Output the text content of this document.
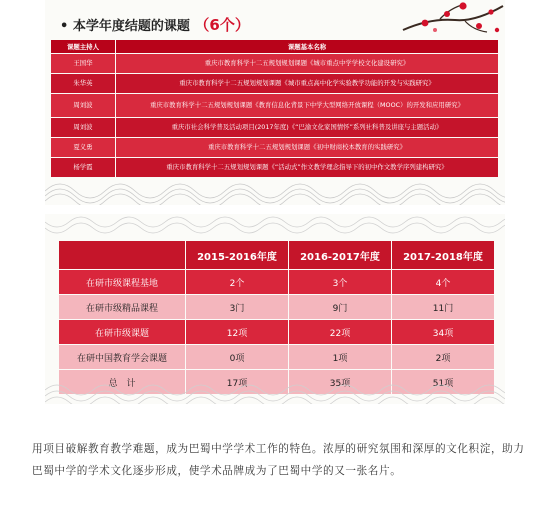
• 本学年度结题的课题 （6个）
课题主持人	课题基本名称
王国华	重庆市教育科学十二五规划规划课题《城市重点中学学校文化建设研究》
朱华英	重庆市教育科学十二五规划规划课题《城市重点高中化学实验教学功能的开发与实践研究》
周刘波	重庆市教育科学十二五规划规划课题《教育信息化背景下中学大型网络开放课程（MOOC）的开发和应用研究》
周刘波	重庆市社会科学普及活动项目(2017年度)《“巴渝文化家国情怀”系列社科普及讲座与主题活动》
夏义勇	重庆市教育科学十二五规划规划课题《初中财商校本教育的实践研究》
杨学霞	重庆市教育科学十二五规划规划课题《“活动式”作文教学理念指导下的初中作文教学序列建构研究》
	2015-2016年度	2016-2017年度	2017-2018年度
在研市级课程基地	2个	3个	4个
在研市级精品课程	3门	9门	11门
在研市级课题	12项	22项	34项
在研中国教育学会课题	0项	1项	2项
总　计	17项	35项	51项

用项目破解教育教学难题，成为巴蜀中学学术工作的特色。浓厚的研究氛围和深厚的文化积淀，助力巴蜀中学的学术文化逐步形成，使学术品牌成为了巴蜀中学的又一张名片。
